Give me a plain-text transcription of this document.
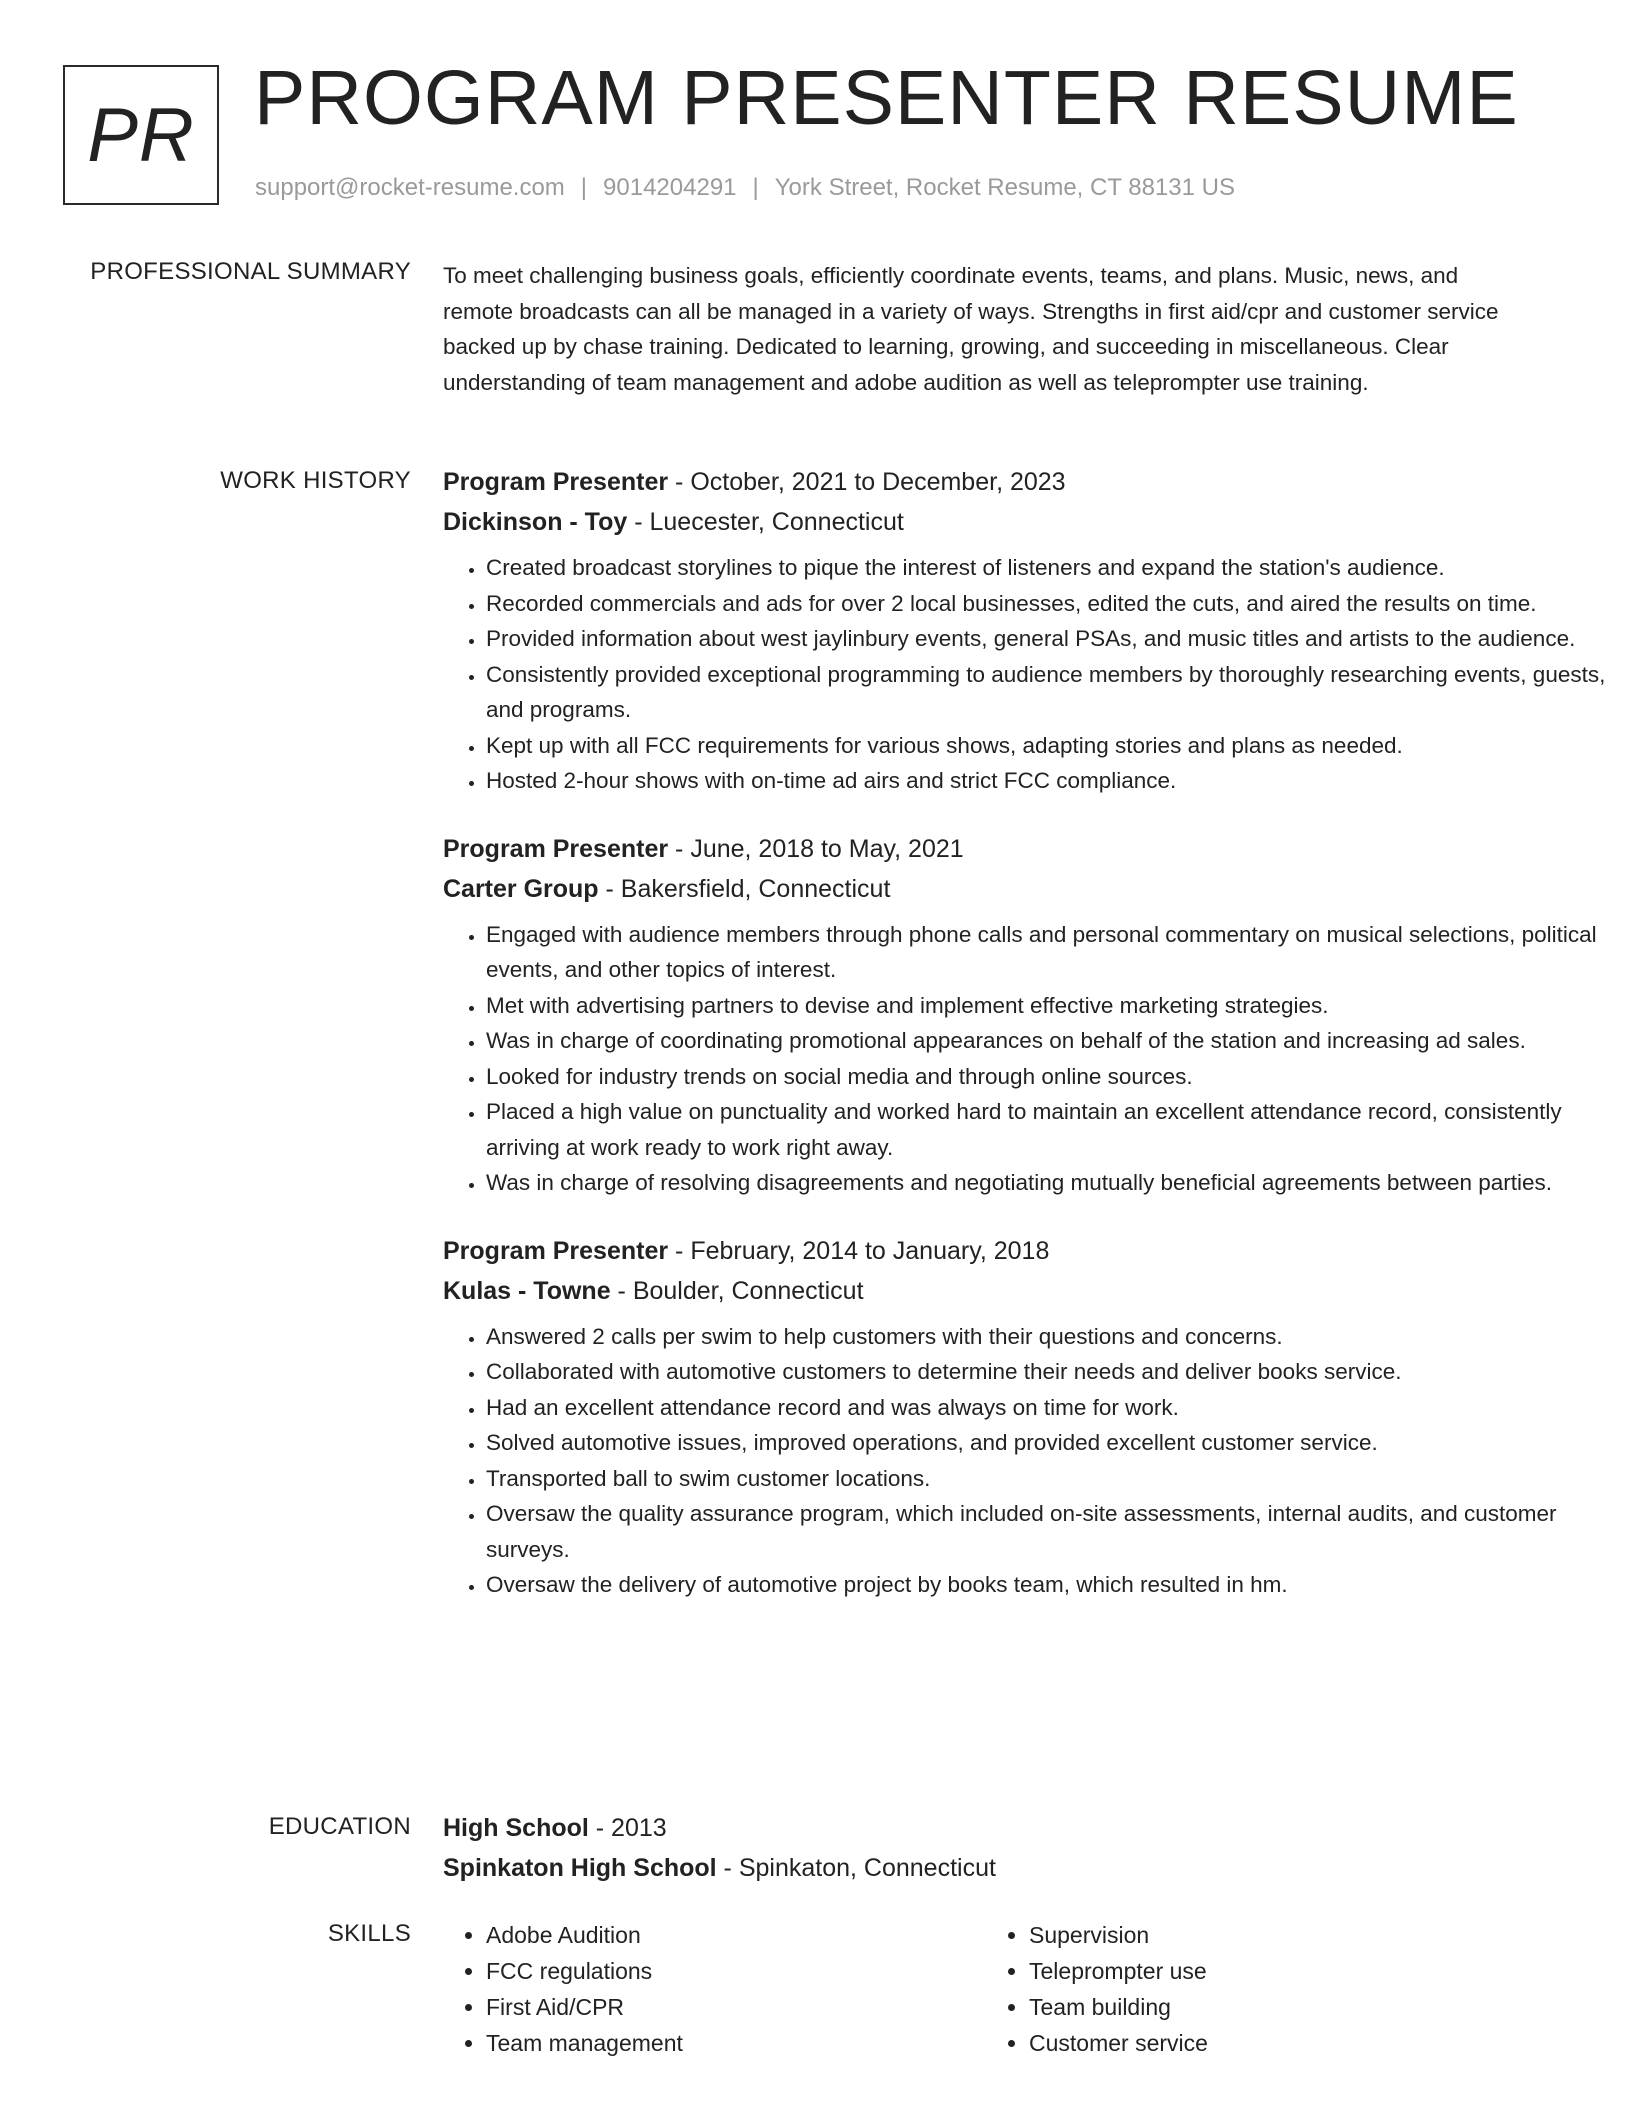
PR PROGRAM PRESENTER RESUME
support@rocket-resume.com | 9014204291 | York Street, Rocket Resume, CT 88131 US
PROFESSIONAL SUMMARY To meet challenging business goals, efficiently coordinate events, teams, and plans. Music, news, and remote broadcasts can all be managed in a variety of ways. Strengths in first aid/cpr and customer service backed up by chase training. Dedicated to learning, growing, and succeeding in miscellaneous. Clear understanding of team management and adobe audition as well as teleprompter use training.

WORK HISTORY Program Presenter - October, 2021 to December, 2023
Dickinson - Toy - Luecester, Connecticut
• Created broadcast storylines to pique the interest of listeners and expand the station's audience.
• Recorded commercials and ads for over 2 local businesses, edited the cuts, and aired the results on time.
• Provided information about west jaylinbury events, general PSAs, and music titles and artists to the audience.
• Consistently provided exceptional programming to audience members by thoroughly researching events, guests, and programs.
• Kept up with all FCC requirements for various shows, adapting stories and plans as needed.
• Hosted 2-hour shows with on-time ad airs and strict FCC compliance.
Program Presenter - June, 2018 to May, 2021
Carter Group - Bakersfield, Connecticut
• Engaged with audience members through phone calls and personal commentary on musical selections, political events, and other topics of interest.
• Met with advertising partners to devise and implement effective marketing strategies.
• Was in charge of coordinating promotional appearances on behalf of the station and increasing ad sales.
• Looked for industry trends on social media and through online sources.
• Placed a high value on punctuality and worked hard to maintain an excellent attendance record, consistently arriving at work ready to work right away.
• Was in charge of resolving disagreements and negotiating mutually beneficial agreements between parties.
Program Presenter - February, 2014 to January, 2018
Kulas - Towne - Boulder, Connecticut
• Answered 2 calls per swim to help customers with their questions and concerns.
• Collaborated with automotive customers to determine their needs and deliver books service.
• Had an excellent attendance record and was always on time for work.
• Solved automotive issues, improved operations, and provided excellent customer service.
• Transported ball to swim customer locations.
• Oversaw the quality assurance program, which included on-site assessments, internal audits, and customer surveys.
• Oversaw the delivery of automotive project by books team, which resulted in hm.
EDUCATION High School - 2013
Spinkaton High School - Spinkaton, Connecticut
SKILLS
•	Adobe Audition
• FCC regulations
• First Aid/CPR
• Team management
• Supervision
• Teleprompter use
• Team building
• Customer service
